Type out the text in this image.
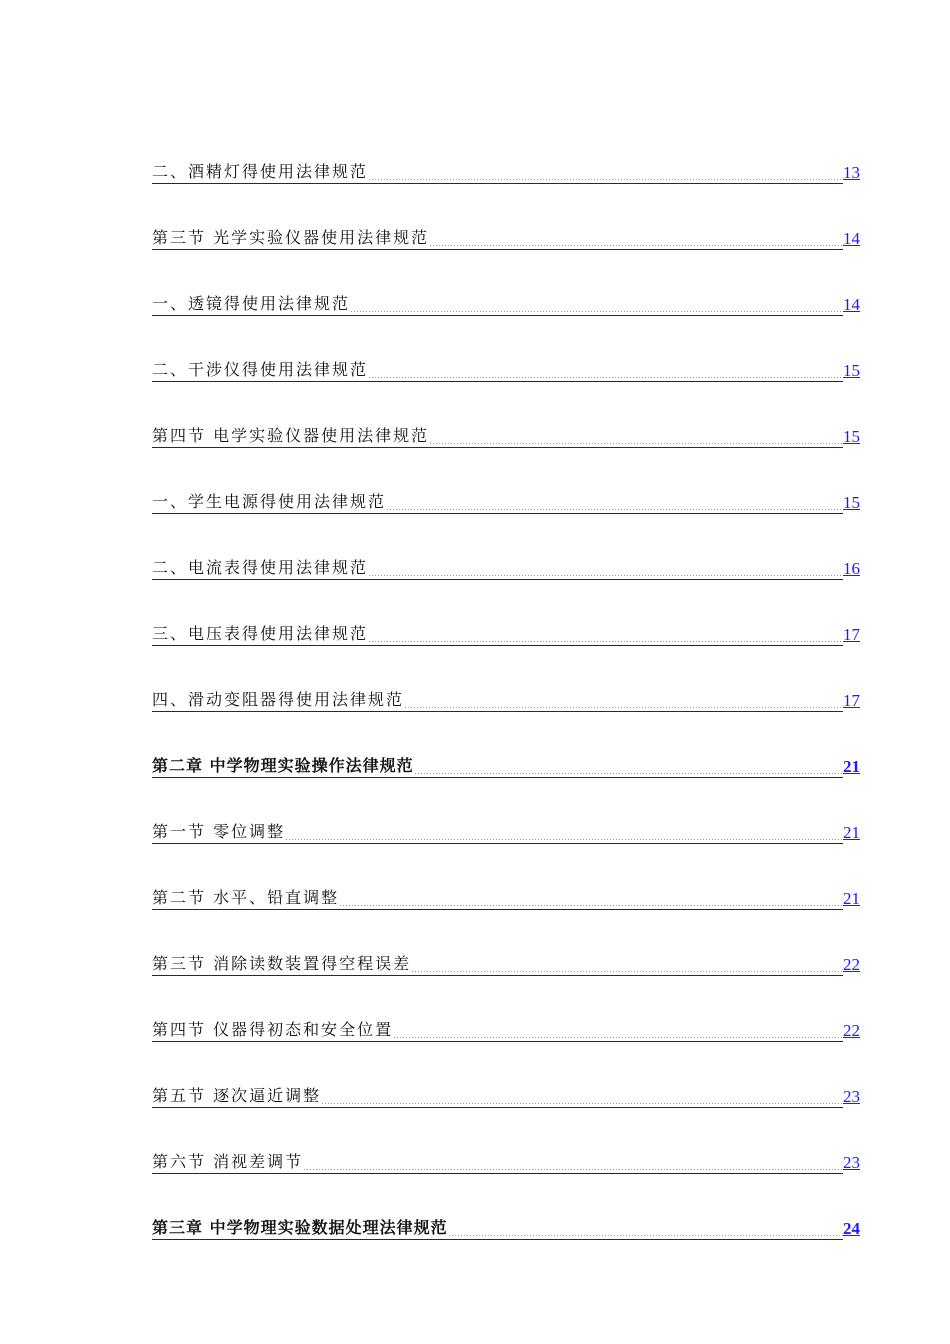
二、酒精灯得使用法律规范	13
第三节 光学实验仪器使用法律规范	14
一、透镜得使用法律规范	14
二、干涉仪得使用法律规范	15
第四节 电学实验仪器使用法律规范	15
一、学生电源得使用法律规范	15
二、电流表得使用法律规范	16
三、电压表得使用法律规范	17
四、滑动变阻器得使用法律规范	17
第二章 中学物理实验操作法律规范	21
第一节 零位调整	21
第二节 水平、铅直调整	21
第三节 消除读数装置得空程误差	22
第四节 仪器得初态和安全位置	22
第五节 逐次逼近调整	23
第六节 消视差调节	23
第三章 中学物理实验数据处理法律规范	24
